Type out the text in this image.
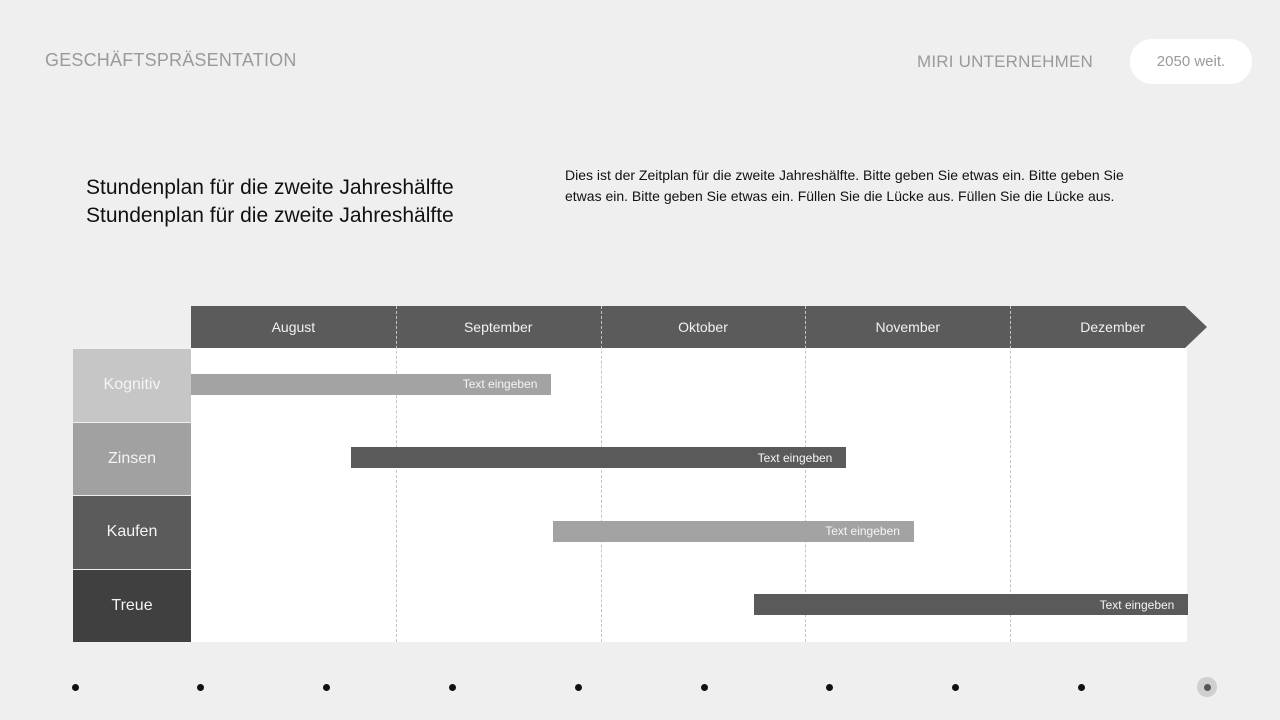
GESCHÄFTSPRÄSENTATION	MIRI UNTERNEHMEN	2050 weit.
Stundenplan für die zweite Jahreshälfte
Stundenplan für die zweite Jahreshälfte
Dies ist der Zeitplan für die zweite Jahreshälfte. Bitte geben Sie etwas ein. Bitte geben Sie etwas ein. Bitte geben Sie etwas ein. Füllen Sie die Lücke aus. Füllen Sie die Lücke aus.
August	September	Oktober	November	Dezember
Kognitiv
Zinsen
Kaufen
Treue
Text eingeben
Text eingeben
Text eingeben
Text eingeben
